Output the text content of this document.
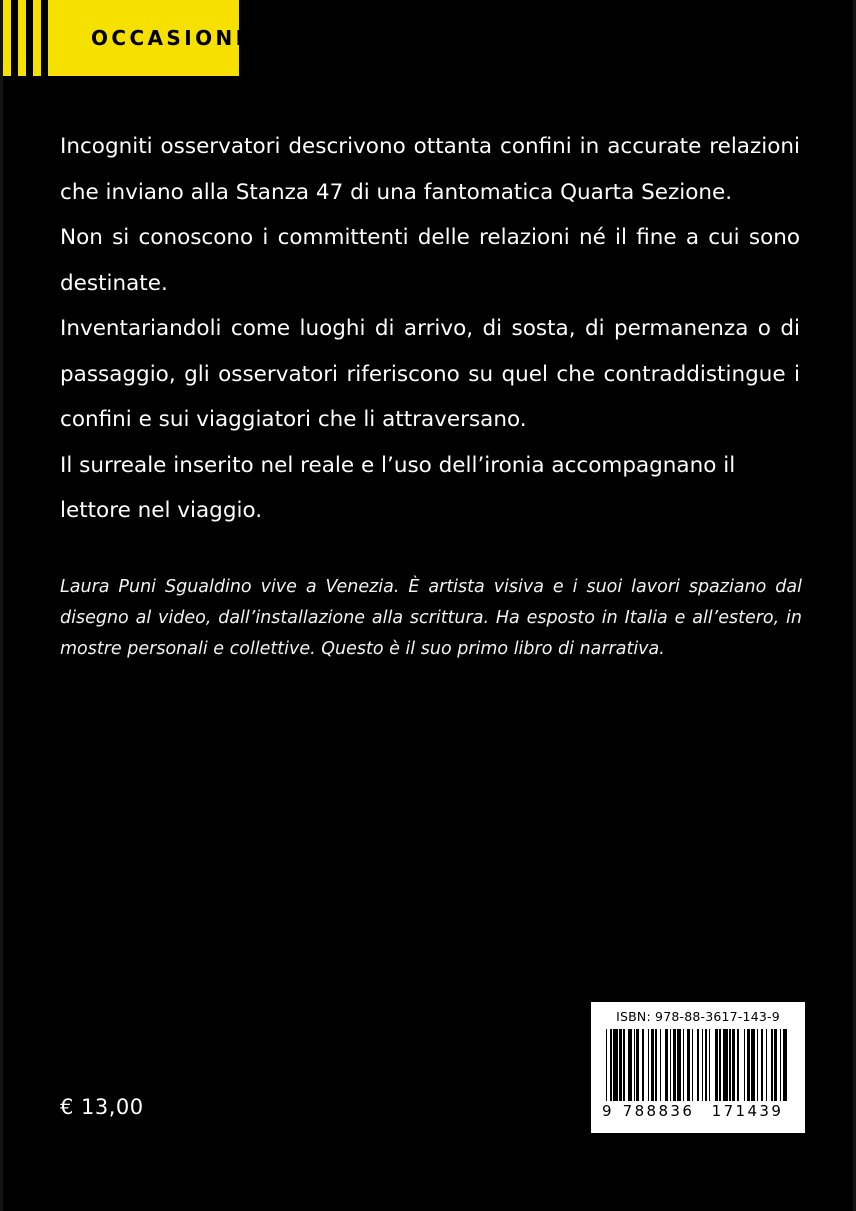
OCCASIONI

Incogniti osservatori descrivono ottanta confini in accurate relazioni che inviano alla Stanza 47 di una fantomatica Quarta Sezione.

Non si conoscono i committenti delle relazioni né il fine a cui sono destinate.

Inventariandoli come luoghi di arrivo, di sosta, di permanenza o di passaggio, gli osservatori riferiscono su quel che contraddistingue i confini e sui viaggiatori che li attraversano.

Il surreale inserito nel reale e l’uso dell’ironia accompagnano il lettore nel viaggio.

Laura Puni Sgualdino vive a Venezia. È artista visiva e i suoi lavori spaziano dal disegno al video, dall’installazione alla scrittura. Ha esposto in Italia e all’estero, in mostre personali e collettive. Questo è il suo primo libro di narrativa.
€ 13,00
ISBN: 978-88-3617-143-9
9 788836	171439
